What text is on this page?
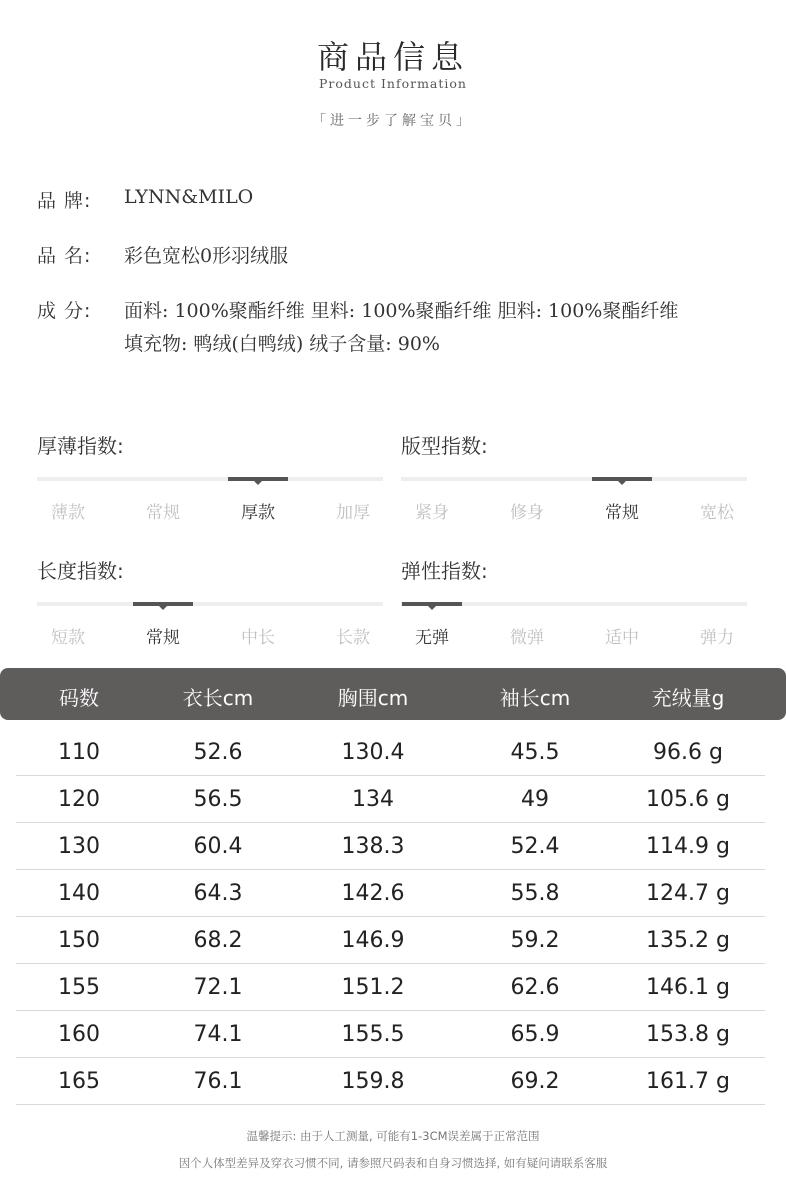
商品信息
Product Information
「进一步了解宝贝」
品 牌:	LYNN&MILO
品 名:	彩色宽松0形羽绒服
成 分:	面料: 100%聚酯纤维 里料: 100%聚酯纤维 胆料: 100%聚酯纤维
填充物: 鸭绒(白鸭绒) 绒子含量: 90%
厚薄指数:
薄款	常规	厚款	加厚
版型指数:
紧身	修身	常规	宽松
长度指数:
短款	常规	中长	长款
弹性指数:
无弹	微弹	适中	弹力
码数	衣长cm	胸围cm	袖长cm	充绒量g
110	52.6	130.4	45.5	96.6 g
120	56.5	134	49	105.6 g
130	60.4	138.3	52.4	114.9 g
140	64.3	142.6	55.8	124.7 g
150	68.2	146.9	59.2	135.2 g
155	72.1	151.2	62.6	146.1 g
160	74.1	155.5	65.9	153.8 g
165	76.1	159.8	69.2	161.7 g
温馨提示: 由于人工测量, 可能有1-3CM误差属于正常范围
因个人体型差异及穿衣习惯不同, 请参照尺码表和自身习惯选择, 如有疑问请联系客服
